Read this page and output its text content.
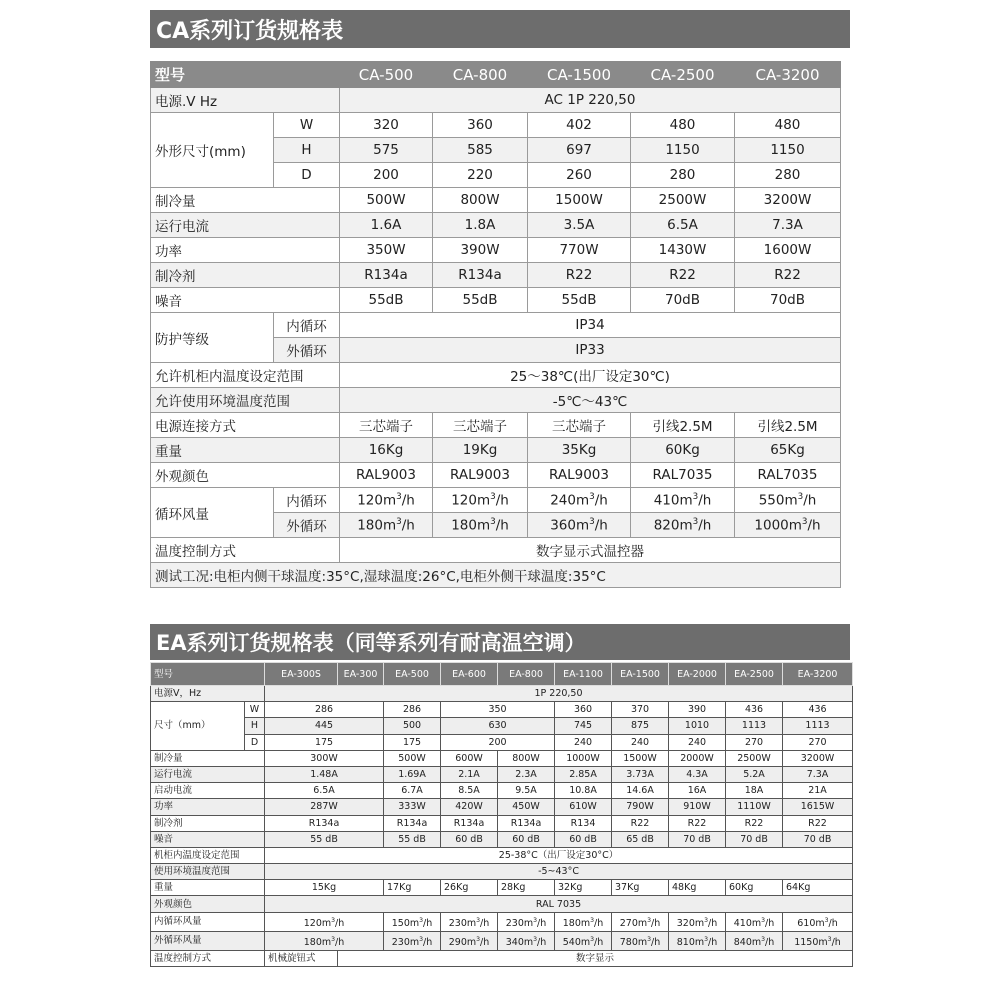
CA系列订货规格表
型号		CA-500	CA-800	CA-1500	CA-2500	CA-3200
电源.V Hz		AC 1P 220,50				
外形尺寸(mm)	W	320	360	402	480	480
	H	575	585	697	1150	1150
	D	200	220	260	280	280
制冷量		500W	800W	1500W	2500W	3200W
运行电流		1.6A	1.8A	3.5A	6.5A	7.3A
功率		350W	390W	770W	1430W	1600W
制冷剂		R134a	R134a	R22	R22	R22
噪音		55dB	55dB	55dB	70dB	70dB
防护等级	内循环	IP34				
	外循环	IP33				
允许机柜内温度设定范围		25～38℃(出厂设定30℃)				
允许使用环境温度范围		-5℃～43℃				
电源连接方式		三芯端子	三芯端子	三芯端子	引线2.5M	引线2.5M
重量		16Kg	19Kg	35Kg	60Kg	65Kg
外观颜色		RAL9003	RAL9003	RAL9003	RAL7035	RAL7035
循环风量	内循环	$120m^3/h$	$120m^3/h$	$240m^3/h$	$410m^3/h$	$550m^3/h$
	外循环	$180m^3/h$	$180m^3/h$	$360m^3/h$	$820m^3/h$	$1000m^3/h$
温度控制方式		数字显示式温控器				
测试工况:电柜内侧干球温度:35°C,湿球温度:26°C,电柜外侧干球温度:35°C						
EA系列订货规格表（同等系列有耐高温空调）
型号		EA-300S	EA-300	EA-500	EA-600	EA-800	EA-1100	EA-1500	EA-2000	EA-2500	EA-3200
电源V，Hz		1P 220,50									
尺寸（mm）	W	286		286	350		360	370	390	436	436
	H	445		500	630		745	875	1010	1113	1113
	D	175		175	200		240	240	240	270	270
制冷量		300W		500W	600W	800W	1000W	1500W	2000W	2500W	3200W
运行电流		1.48A		1.69A	2.1A	2.3A	2.85A	3.73A	4.3A	5.2A	7.3A
启动电流		6.5A		6.7A	8.5A	9.5A	10.8A	14.6A	16A	18A	21A
功率		287W		333W	420W	450W	610W	790W	910W	1110W	1615W
制冷剂		R134a		R134a	R134a	R134a	R134	R22	R22	R22	R22
噪音		55 dB		55 dB	60 dB	60 dB	60 dB	65 dB	70 dB	70 dB	70 dB
机柜内温度设定范围		25-38°C（出厂设定30°C）									
使用环境温度范围		-5~43°C									
重量		15Kg		17Kg	26Kg	28Kg	32Kg	37Kg	48Kg	60Kg	64Kg
外观颜色		RAL 7035									
内循环风量		$120m^3/h$		$150m^3/h$	$230m^3/h$	$230m^3/h$	$180m^3/h$	$270m^3/h$	$320m^3/h$	$410m^3/h$	$610m^3/h$
外循环风量		$180m^3/h$		$230m^3/h$	$290m^3/h$	$340m^3/h$	$540m^3/h$	$780m^3/h$	$810m^3/h$	$840m^3/h$	$1150m^3/h$
温度控制方式		机械旋钮式	数字显示								
